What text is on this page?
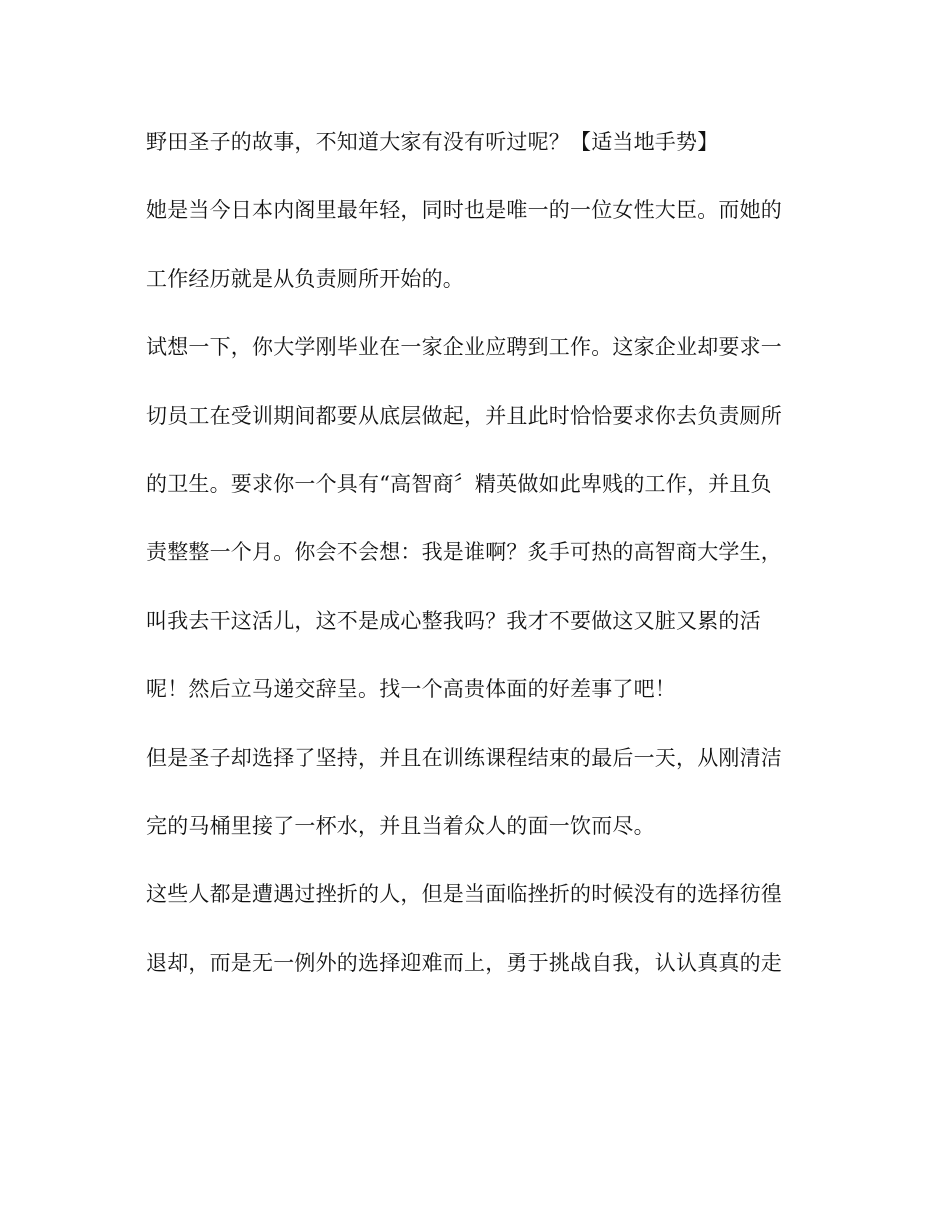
野田圣子的故事，不知道大家有没有听过呢？【适当地手势】
她是当今日本内阁里最年轻，同时也是唯一的一位女性大臣。而她的
工作经历就是从负责厕所开始的。
试想一下，你大学刚毕业在一家企业应聘到工作。这家企业却要求一
切员工在受训期间都要从底层做起，并且此时恰恰要求你去负责厕所
的卫生。要求你一个具有“高智商〞精英做如此卑贱的工作，并且负
责整整一个月。你会不会想：我是谁啊？炙手可热的高智商大学生，
叫我去干这活儿，这不是成心整我吗？我才不要做这又脏又累的活
呢！然后立马递交辞呈。找一个高贵体面的好差事了吧！
但是圣子却选择了坚持，并且在训练课程结束的最后一天，从刚清洁
完的马桶里接了一杯水，并且当着众人的面一饮而尽。
这些人都是遭遇过挫折的人，但是当面临挫折的时候没有的选择彷徨
退却，而是无一例外的选择迎难而上，勇于挑战自我，认认真真的走
